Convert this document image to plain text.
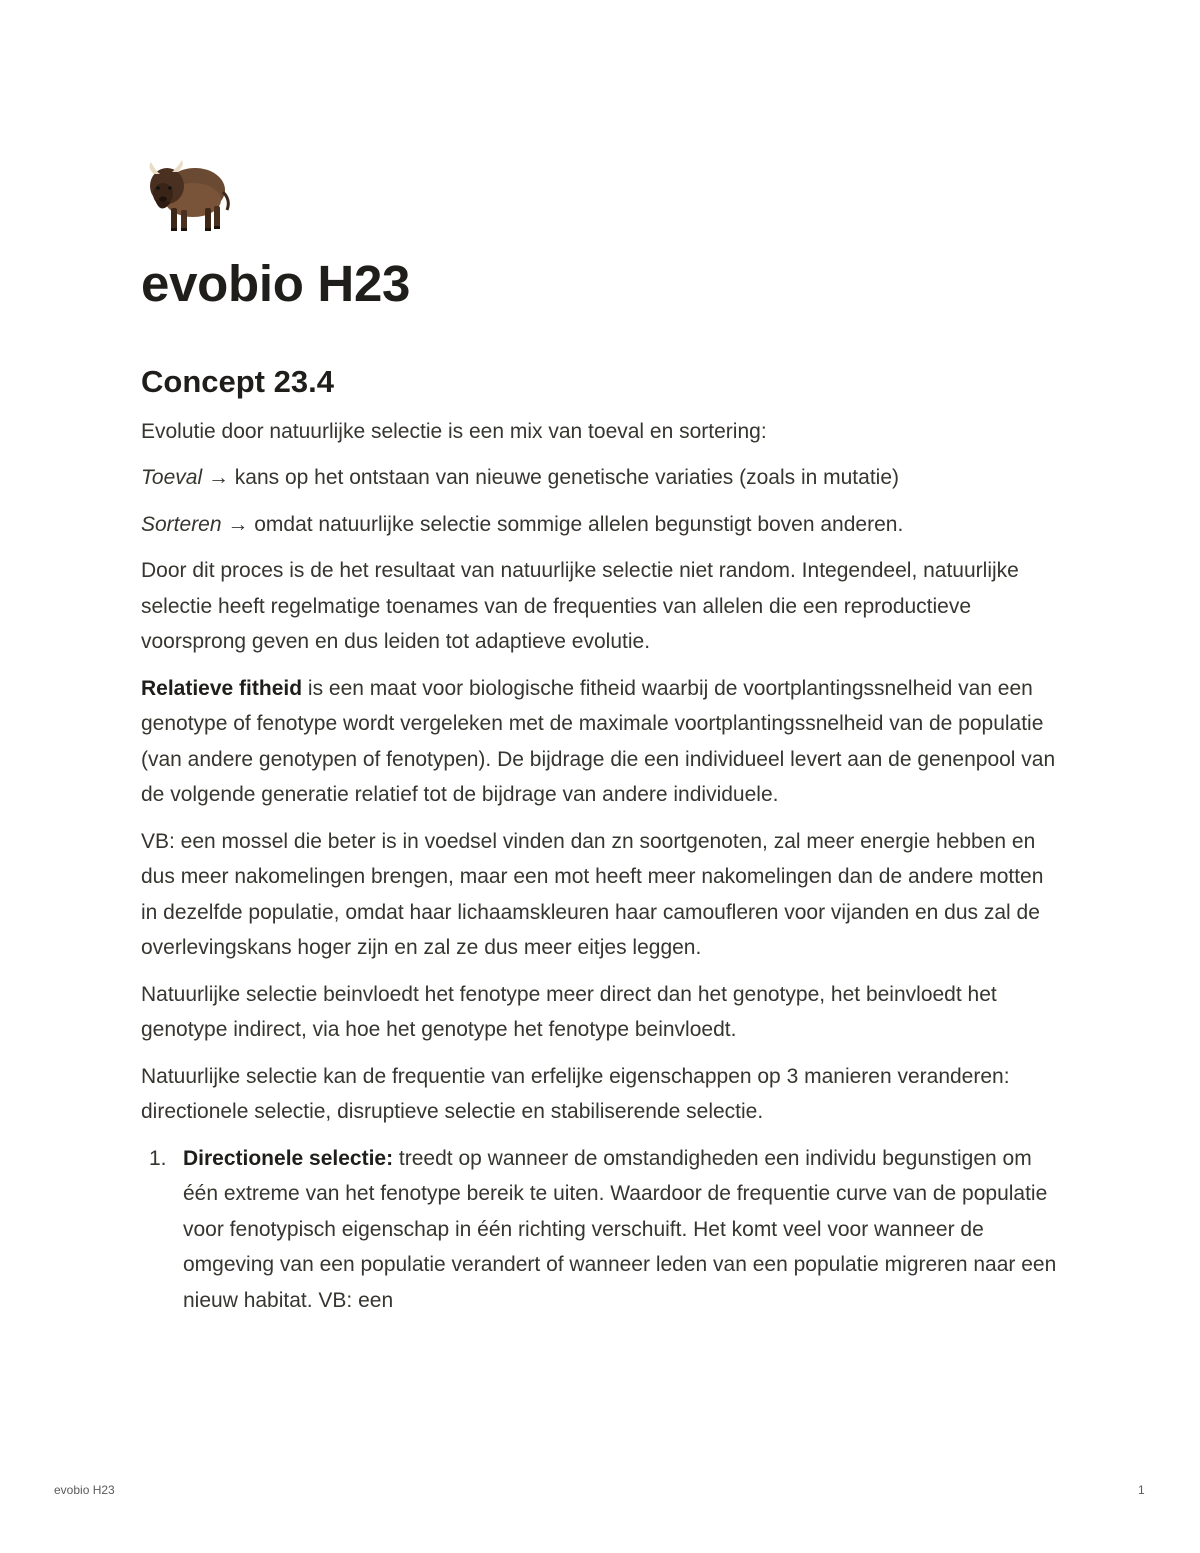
evobio H23
Concept 23.4

Evolutie door natuurlijke selectie is een mix van toeval en sortering:

Toeval → kans op het ontstaan van nieuwe genetische variaties (zoals in mutatie)

Sorteren → omdat natuurlijke selectie sommige allelen begunstigt boven anderen.

Door dit proces is de het resultaat van natuurlijke selectie niet random. Integendeel, natuurlijke selectie heeft regelmatige toenames van de frequenties van allelen die een reproductieve voorsprong geven en dus leiden tot adaptieve evolutie.

Relatieve fitheid is een maat voor biologische fitheid waarbij de voortplantingssnelheid van een genotype of fenotype wordt vergeleken met de maximale voortplantingssnelheid van de populatie (van andere genotypen of fenotypen). De bijdrage die een individueel levert aan de genenpool van de volgende generatie relatief tot de bijdrage van andere individuele.

VB: een mossel die beter is in voedsel vinden dan zn soortgenoten, zal meer energie hebben en dus meer nakomelingen brengen, maar een mot heeft meer nakomelingen dan de andere motten in dezelfde populatie, omdat haar lichaamskleuren haar camoufleren voor vijanden en dus zal de overlevingskans hoger zijn en zal ze dus meer eitjes leggen.

Natuurlijke selectie beinvloedt het fenotype meer direct dan het genotype, het beinvloedt het genotype indirect, via hoe het genotype het fenotype beinvloedt.

Natuurlijke selectie kan de frequentie van erfelijke eigenschappen op 3 manieren veranderen: directionele selectie, disruptieve selectie en stabiliserende selectie.

1. Directionele selectie: treedt op wanneer de omstandigheden een individu begunstigen om één extreme van het fenotype bereik te uiten. Waardoor de frequentie curve van de populatie voor fenotypisch eigenschap in één richting verschuift. Het komt veel voor wanneer de omgeving van een populatie verandert of wanneer leden van een populatie migreren naar een nieuw habitat. VB: een
evobio H23	1
